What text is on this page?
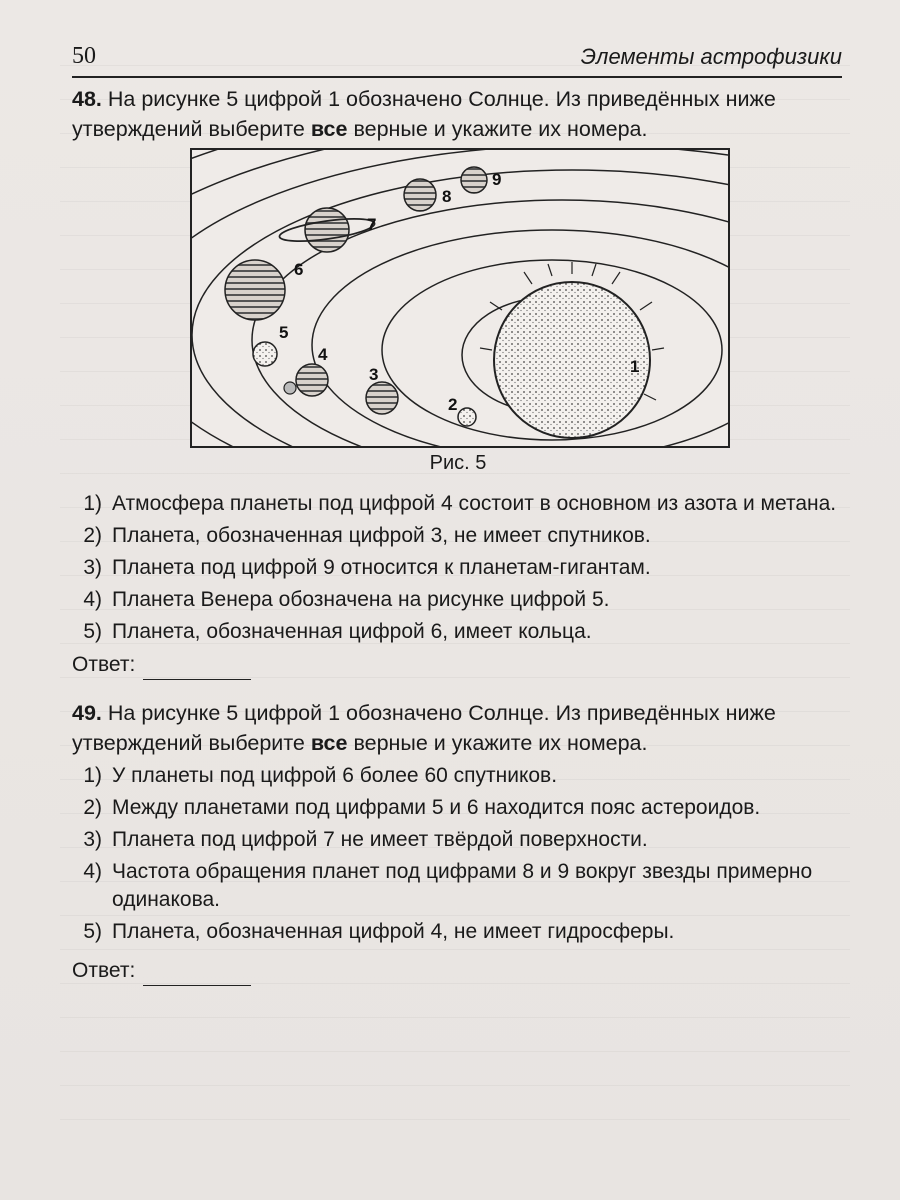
50	Элементы астрофизики
48. На рисунке 5 цифрой 1 обозначено Солнце. Из приведённых ниже утверждений выберите все верные и укажите их номера.
1
2
3
4
5
6
7
8
9
Рис. 5
1) Атмосфера планеты под цифрой 4 состоит в основном из азота и метана.
2) Планета, обозначенная цифрой 3, не имеет спутников.
3) Планета под цифрой 9 относится к планетам-гигантам.
4) Планета Венера обозначена на рисунке цифрой 5.
5) Планета, обозначенная цифрой 6, имеет кольца.
Ответ:
49. На рисунке 5 цифрой 1 обозначено Солнце. Из приведённых ниже утверждений выберите все верные и укажите их номера.
1) У планеты под цифрой 6 более 60 спутников.
2) Между планетами под цифрами 5 и 6 находится пояс астероидов.
3) Планета под цифрой 7 не имеет твёрдой поверхности.
4) Частота обращения планет под цифрами 8 и 9 вокруг звезды примерно одинакова.
5) Планета, обозначенная цифрой 4, не имеет гидросферы.
Ответ:
